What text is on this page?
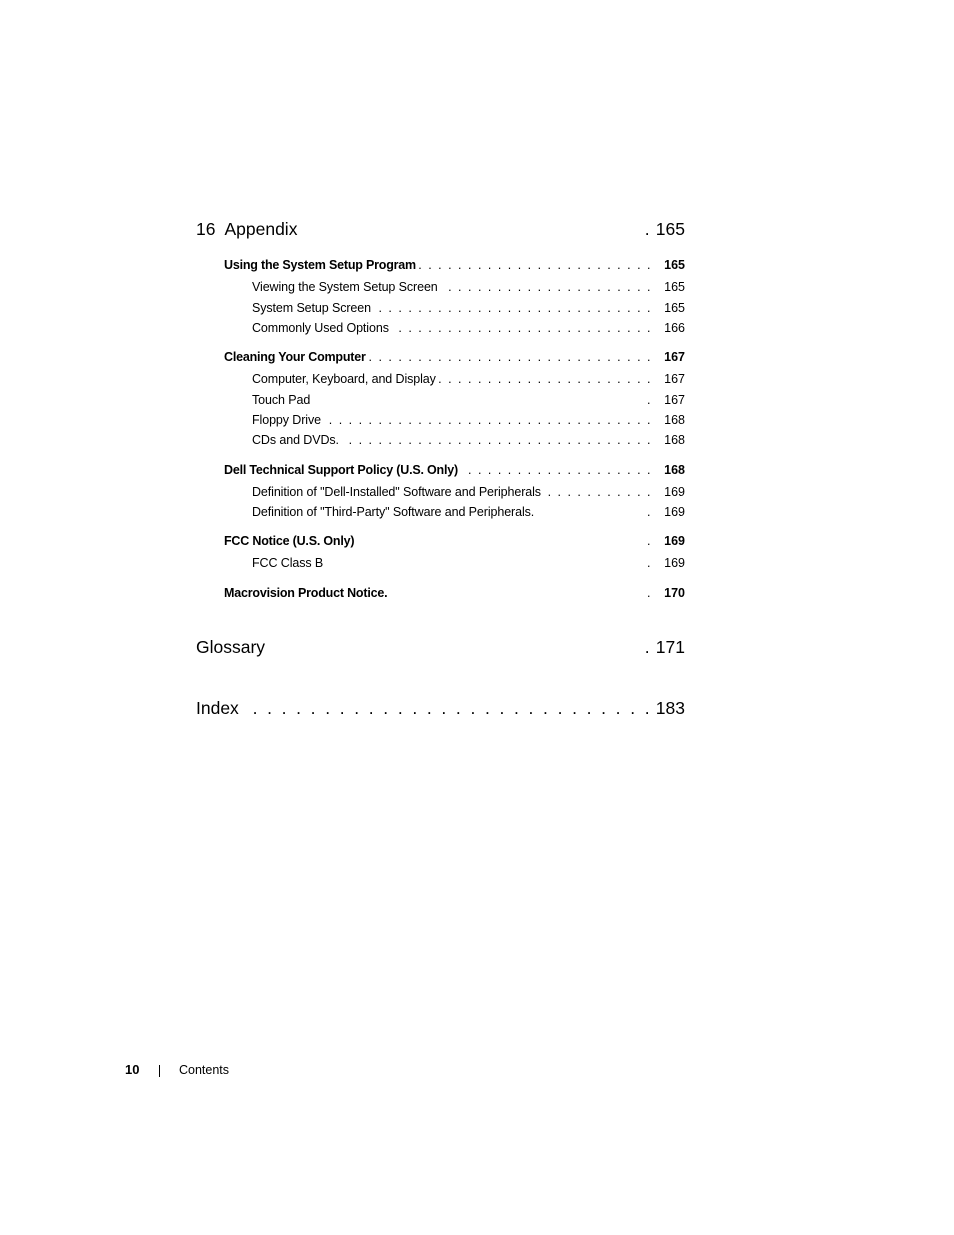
16 Appendix	. 165
Using the System Setup Program . . . . . . . . . . . . . . . . . . . . . . . . 165
Viewing the System Setup Screen . . . . . . . . . . . . . . . . . . . . . 165
System Setup Screen . . . . . . . . . . . . . . . . . . . . . . . . . . . . 165
Commonly Used Options . . . . . . . . . . . . . . . . . . . . . . . . . . 166
Cleaning Your Computer . . . . . . . . . . . . . . . . . . . . . . . . . . . . . 167
Computer, Keyboard, and Display . . . . . . . . . . . . . . . . . . . . . . 167
Touch Pad	. 167
Floppy Drive . . . . . . . . . . . . . . . . . . . . . . . . . . . . . . . . . 168
CDs and DVDs. . . . . . . . . . . . . . . . . . . . . . . . . . . . . . . . 168
Dell Technical Support Policy (U.S. Only) . . . . . . . . . . . . . . . . . . . 168
Definition of "Dell-Installed" Software and Peripherals . . . . . . . . . . . 169
Definition of "Third-Party" Software and Peripherals.	. 169
FCC Notice (U.S. Only)	. 169
FCC Class B	. 169
Macrovision Product Notice.	. 170
Glossary	. 171
Index . . . . . . . . . . . . . . . . . . . . . . . . . . . . 183
10	Contents
